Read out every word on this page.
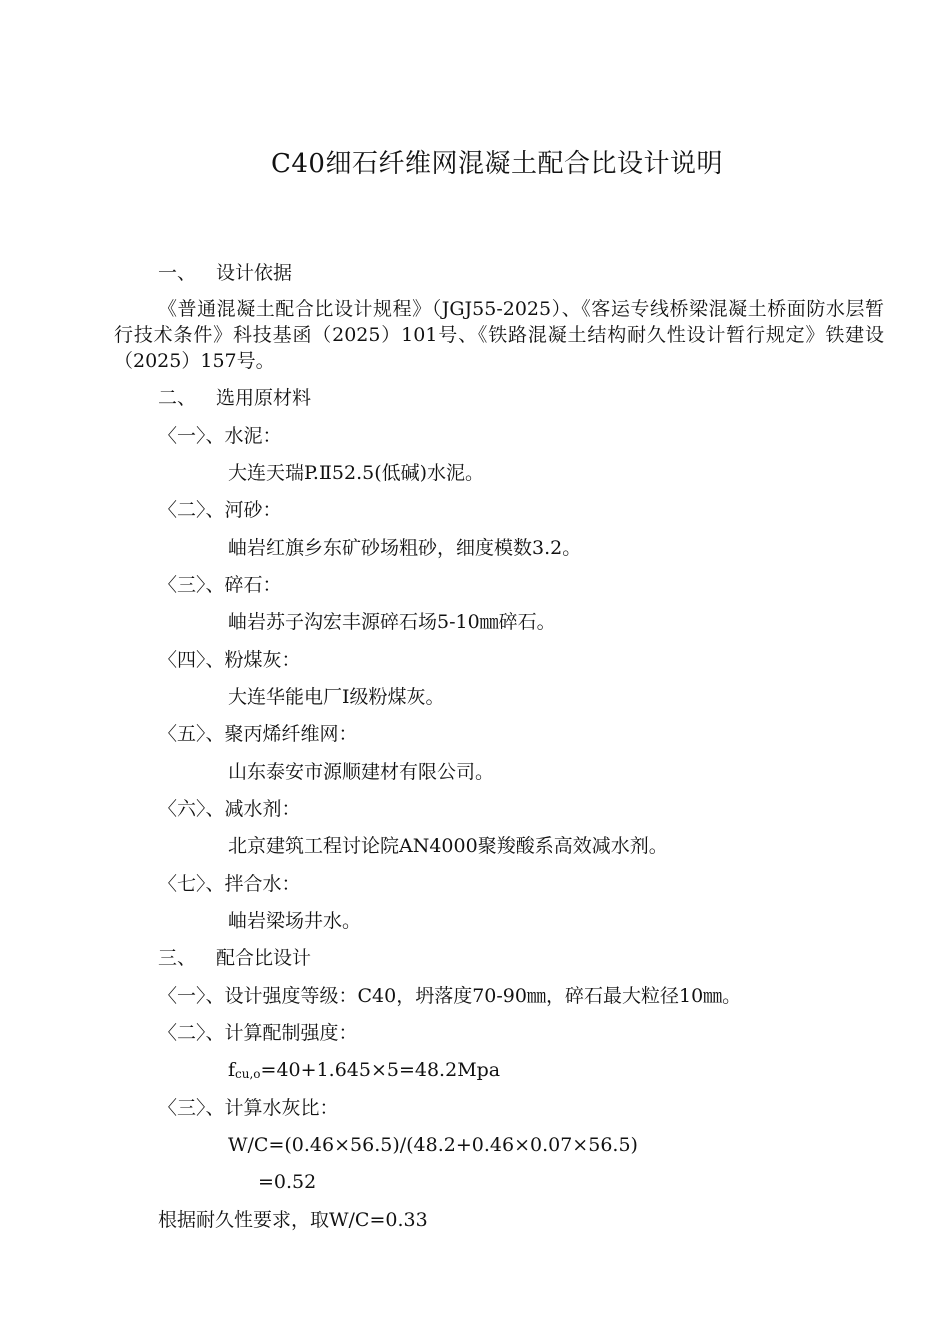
C40细石纤维网混凝土配合比设计说明
一、 设计依据
《普通混凝土配合比设计规程》（JGJ55-2025）、《客运专线桥梁混凝土桥面防水层暂行技术条件》科技基函（2025）101号、《铁路混凝土结构耐久性设计暂行规定》铁建设（2025）157号。
二、 选用原材料
〈一〉、水泥：
大连天瑞P.Ⅱ52.5(低碱)水泥。
〈二〉、河砂：
岫岩红旗乡东矿砂场粗砂，细度模数3.2。
〈三〉、碎石：
岫岩苏子沟宏丰源碎石场5-10㎜碎石。
〈四〉、粉煤灰：
大连华能电厂Ⅰ级粉煤灰。
〈五〉、聚丙烯纤维网：
山东泰安市源顺建材有限公司。
〈六〉、减水剂：
北京建筑工程讨论院AN4000聚羧酸系高效减水剂。
〈七〉、拌合水：
岫岩梁场井水。
三、 配合比设计
〈一〉、设计强度等级：C40，坍落度70-90㎜，碎石最大粒径10㎜。
〈二〉、计算配制强度：
$f_{cu,o}=40+1.645\times 5=48.2Mpa$
〈三〉、计算水灰比：
W/C=(0.46×56.5)/(48.2+0.46×0.07×56.5)
=0.52
根据耐久性要求，取W/C=0.33
